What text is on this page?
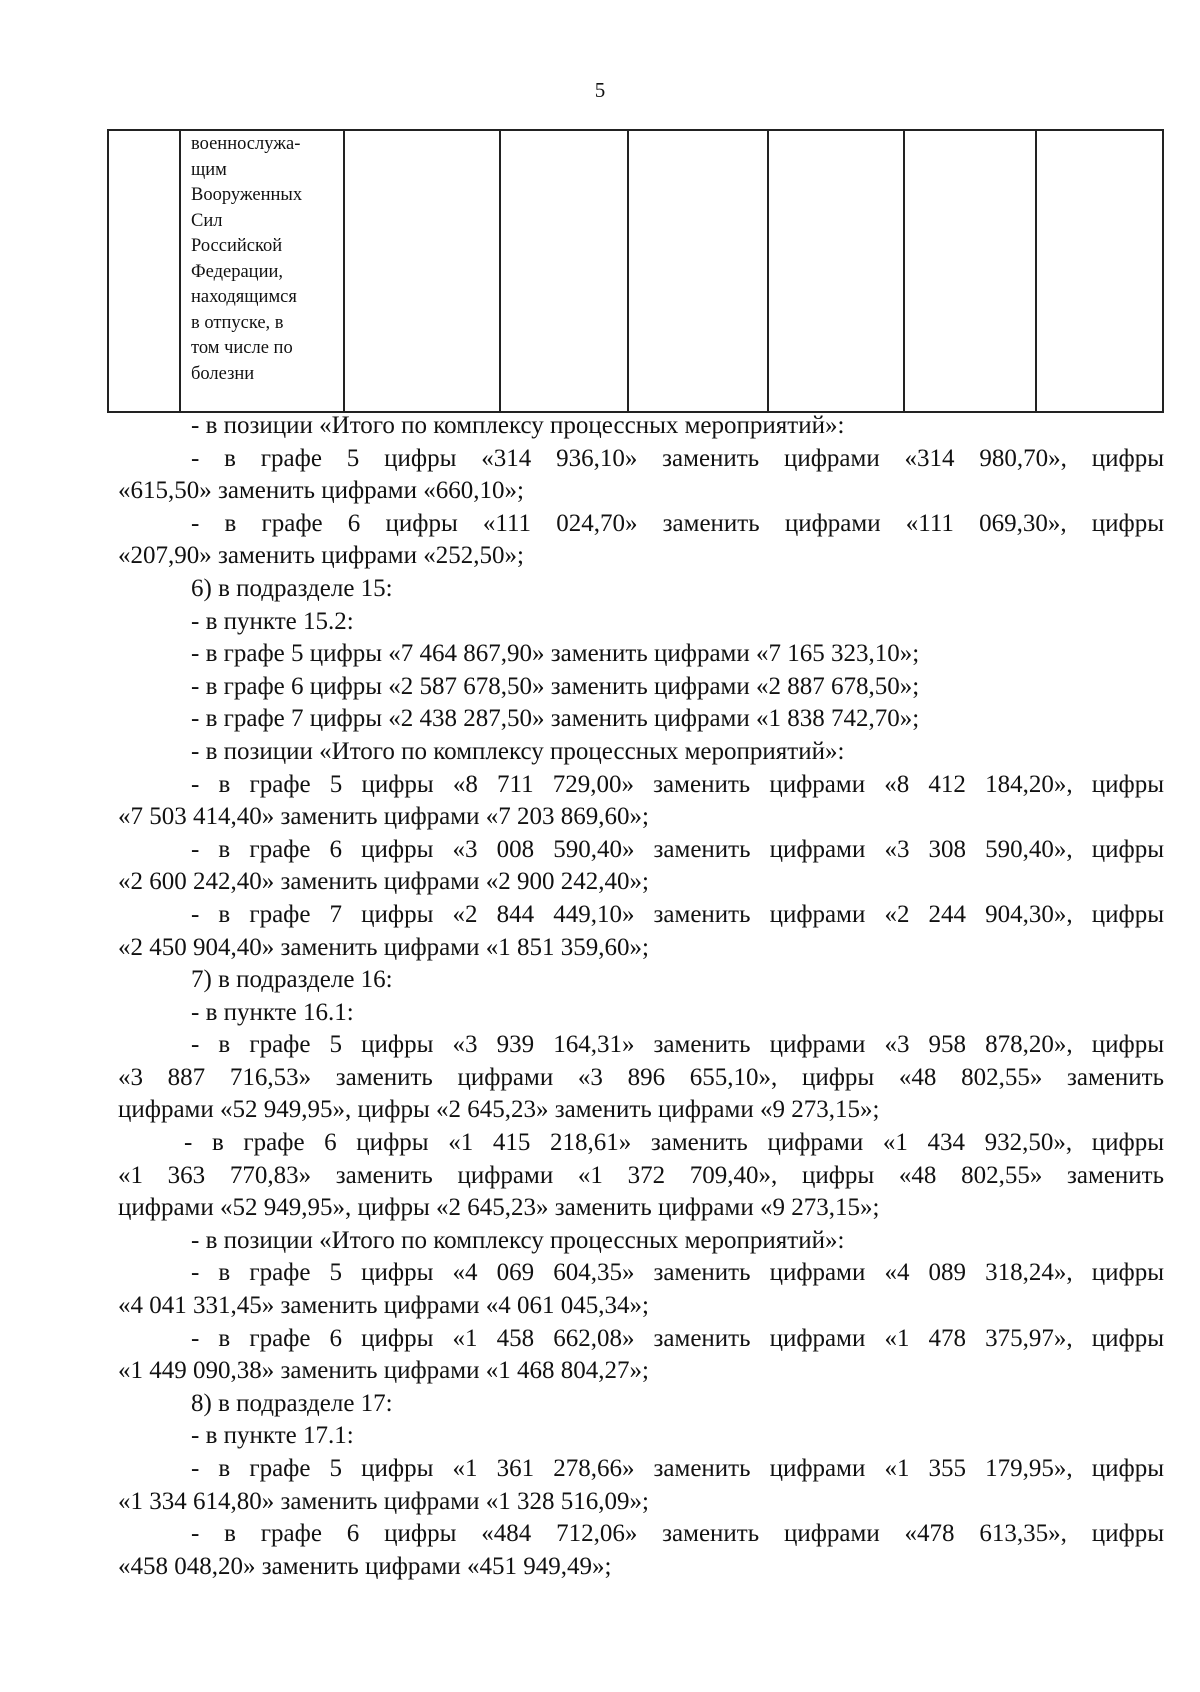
5
	военнослужа-
щим
Вооруженных
Сил
Российской
Федерации,
находящимся
в отпуске, в
том числе по
болезни						
- в позиции «Итого по комплексу процессных мероприятий»:
- в графе 5 цифры «314 936,10» заменить цифрами «314 980,70», цифры
«615,50» заменить цифрами «660,10»;
- в графе 6 цифры «111 024,70» заменить цифрами «111 069,30», цифры
«207,90» заменить цифрами «252,50»;
6) в подразделе 15:
- в пункте 15.2:
- в графе 5 цифры «7 464 867,90» заменить цифрами «7 165 323,10»;
- в графе 6 цифры «2 587 678,50» заменить цифрами «2 887 678,50»;
- в графе 7 цифры «2 438 287,50» заменить цифрами «1 838 742,70»;
- в позиции «Итого по комплексу процессных мероприятий»:
- в графе 5 цифры «8 711 729,00» заменить цифрами «8 412 184,20», цифры
«7 503 414,40» заменить цифрами «7 203 869,60»;
- в графе 6 цифры «3 008 590,40» заменить цифрами «3 308 590,40», цифры
«2 600 242,40» заменить цифрами «2 900 242,40»;
- в графе 7 цифры «2 844 449,10» заменить цифрами «2 244 904,30», цифры
«2 450 904,40» заменить цифрами «1 851 359,60»;
7) в подразделе 16:
- в пункте 16.1:
- в графе 5 цифры «3 939 164,31» заменить цифрами «3 958 878,20», цифры
«3 887 716,53» заменить цифрами «3 896 655,10», цифры «48 802,55» заменить
цифрами «52 949,95», цифры «2 645,23» заменить цифрами «9 273,15»;
- в графе 6 цифры «1 415 218,61» заменить цифрами «1 434 932,50», цифры
«1 363 770,83» заменить цифрами «1 372 709,40», цифры «48 802,55» заменить
цифрами «52 949,95», цифры «2 645,23» заменить цифрами «9 273,15»;
- в позиции «Итого по комплексу процессных мероприятий»:
- в графе 5 цифры «4 069 604,35» заменить цифрами «4 089 318,24», цифры
«4 041 331,45» заменить цифрами «4 061 045,34»;
- в графе 6 цифры «1 458 662,08» заменить цифрами «1 478 375,97», цифры
«1 449 090,38» заменить цифрами «1 468 804,27»;
8) в подразделе 17:
- в пункте 17.1:
- в графе 5 цифры «1 361 278,66» заменить цифрами «1 355 179,95», цифры
«1 334 614,80» заменить цифрами «1 328 516,09»;
- в графе 6 цифры «484 712,06» заменить цифрами «478 613,35», цифры
«458 048,20» заменить цифрами «451 949,49»;
